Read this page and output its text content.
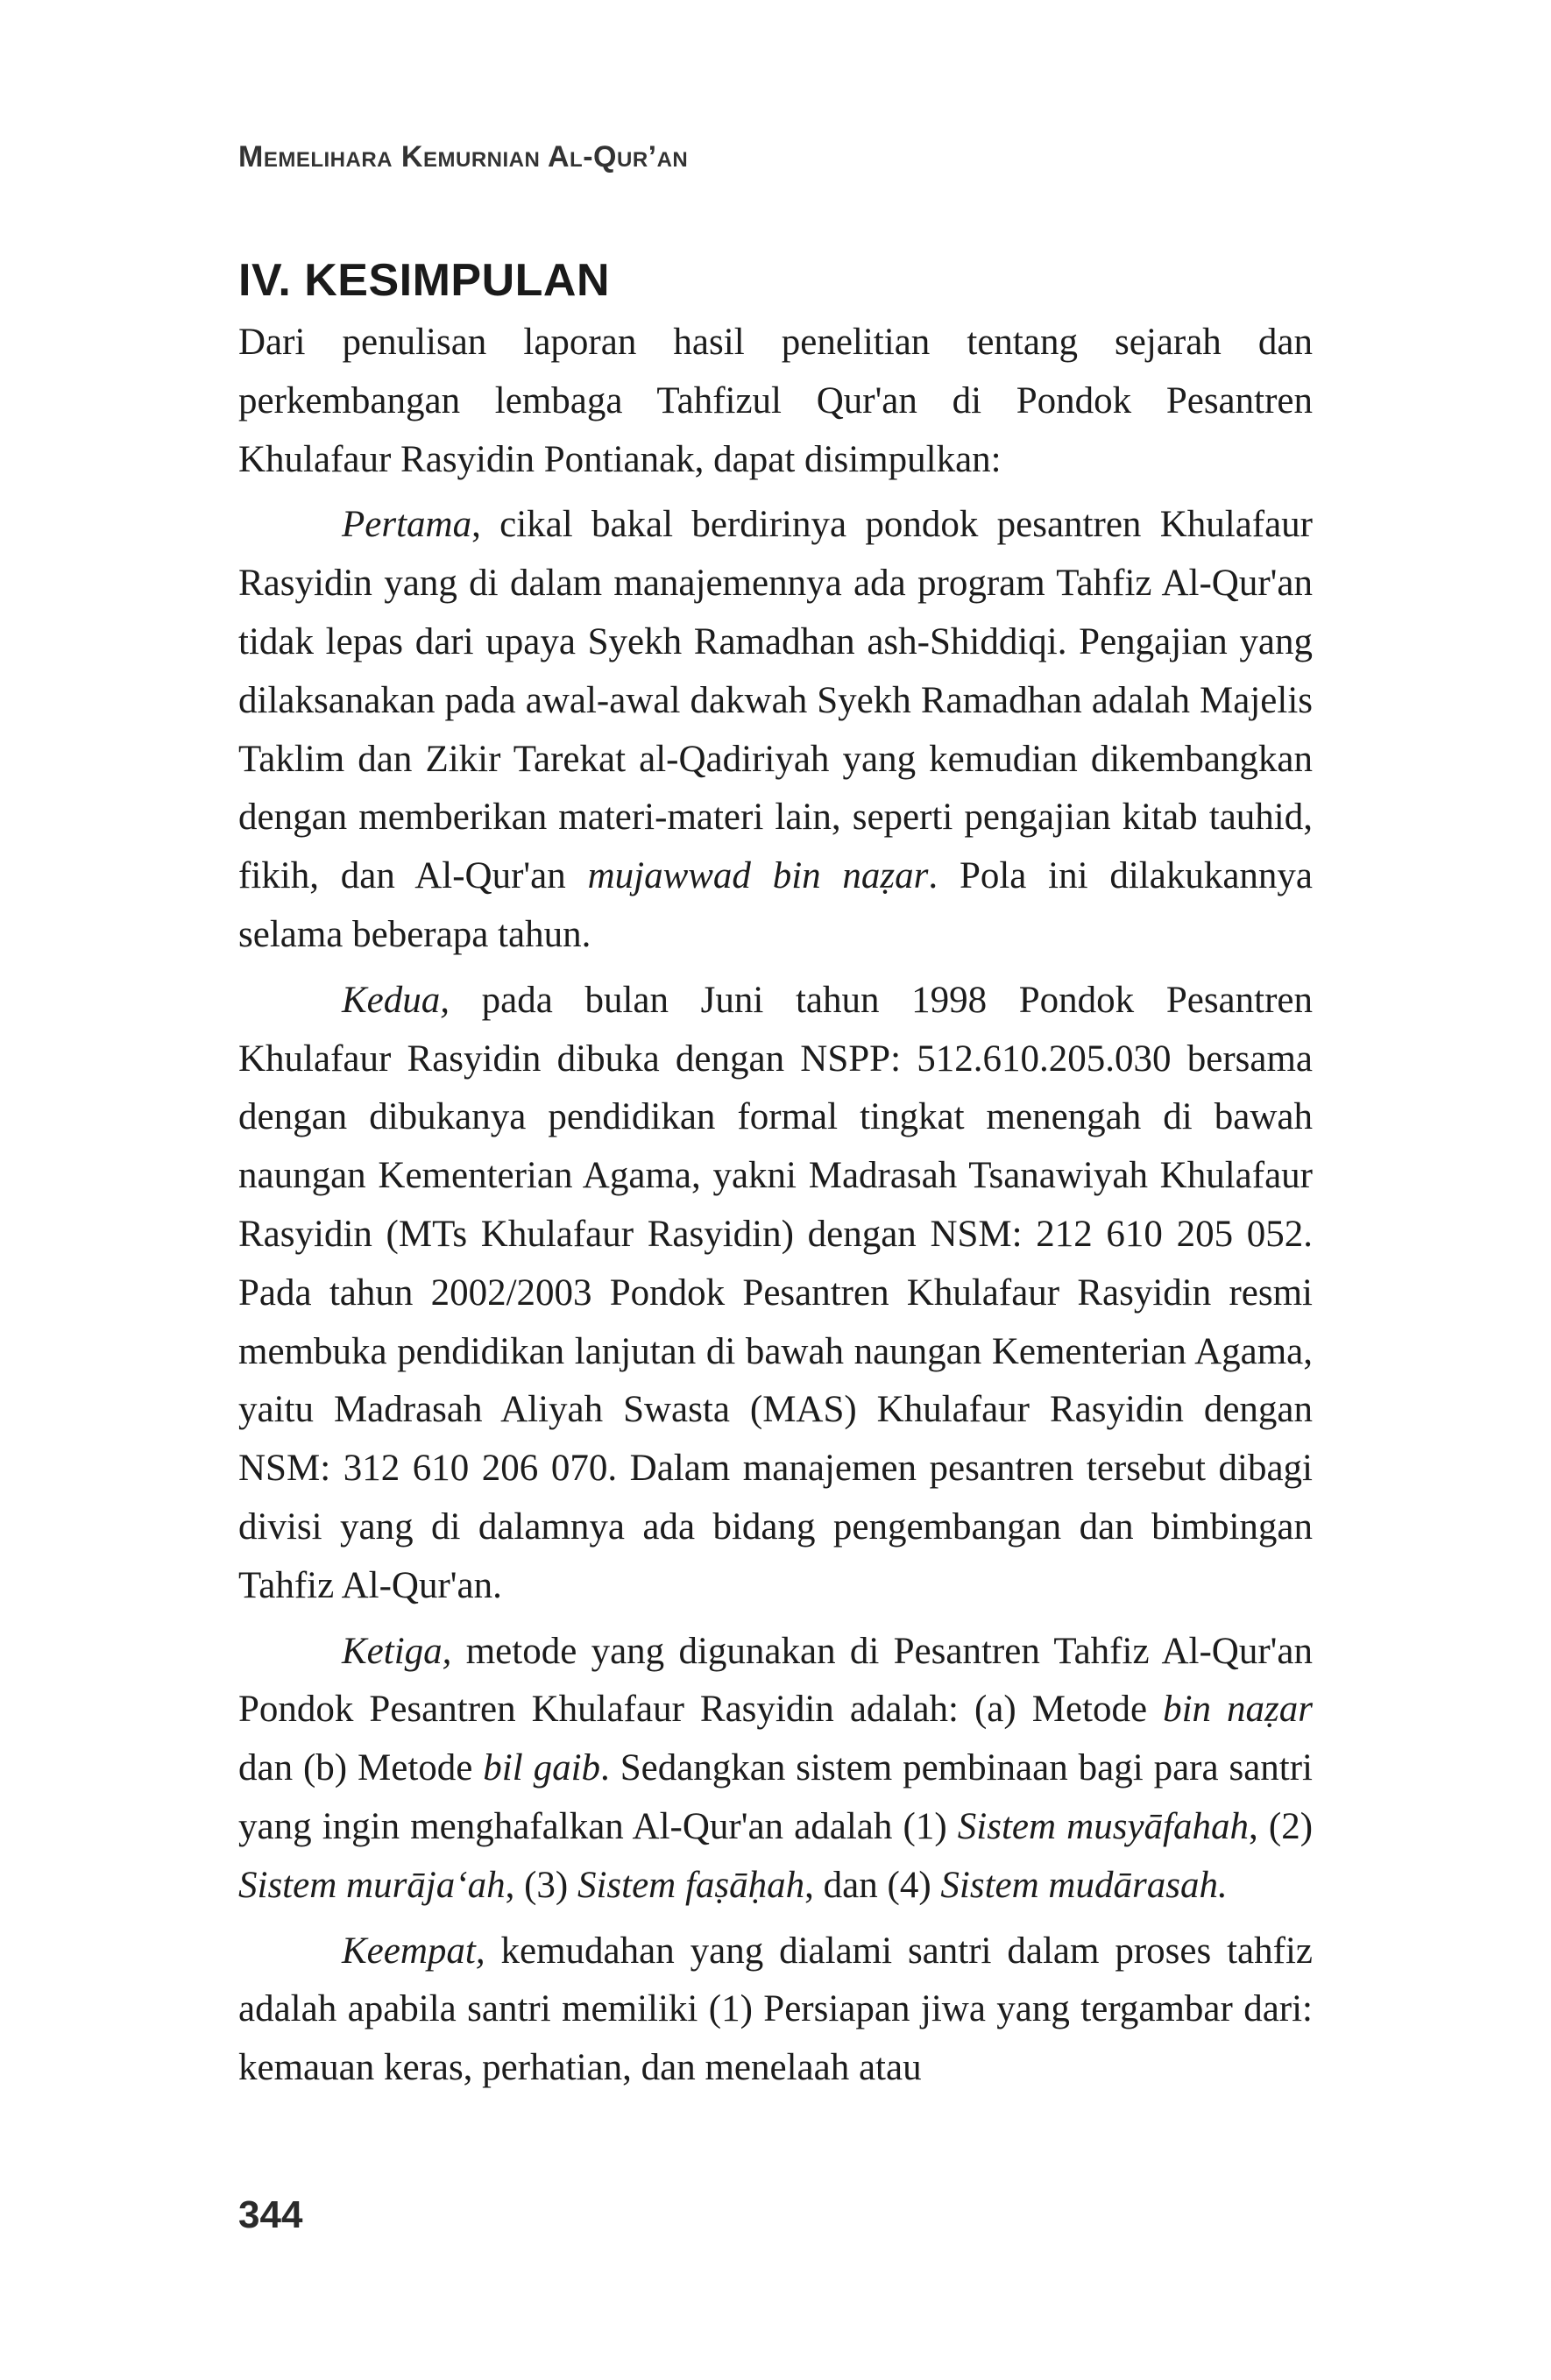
Memelihara Kemurnian Al-Qur’an
IV. KESIMPULAN

Dari penulisan laporan hasil penelitian tentang sejarah dan perkembangan lembaga Tahfizul Qur'an di Pondok Pesantren Khulafaur Rasyidin Pontianak, dapat disimpulkan:

Pertama, cikal bakal berdirinya pondok pesantren Khulafaur Rasyidin yang di dalam manajemennya ada program Tahfiz Al-Qur'an tidak lepas dari upaya Syekh Ramadhan ash-Shiddiqi. Pengajian yang dilaksanakan pada awal-awal dakwah Syekh Ramadhan adalah Majelis Taklim dan Zikir Tarekat al-Qadiriyah yang kemudian dikembangkan dengan memberikan materi-materi lain, seperti pengajian kitab tauhid, fikih, dan Al-Qur'an mujawwad bin naẓar. Pola ini dilakukannya selama beberapa tahun.

Kedua, pada bulan Juni tahun 1998 Pondok Pesantren Khulafaur Rasyidin dibuka dengan NSPP: 512.610.205.030 bersama dengan dibukanya pendidikan formal tingkat menengah di bawah naungan Kementerian Agama, yakni Madrasah Tsanawiyah Khulafaur Rasyidin (MTs Khulafaur Rasyidin) dengan NSM: 212 610 205 052. Pada tahun 2002/2003 Pondok Pesantren Khulafaur Rasyidin resmi membuka pendidikan lanjutan di bawah naungan Kementerian Agama, yaitu Madrasah Aliyah Swasta (MAS) Khulafaur Rasyidin dengan NSM: 312 610 206 070. Dalam manajemen pesantren tersebut dibagi divisi yang di dalamnya ada bidang pengembangan dan bimbingan Tahfiz Al-Qur'an.

Ketiga, metode yang digunakan di Pesantren Tahfiz Al-Qur'an Pondok Pesantren Khulafaur Rasyidin adalah: (a) Metode bin naẓar dan (b) Metode bil gaib. Sedangkan sistem pembinaan bagi para santri yang ingin menghafalkan Al-Qur'an adalah (1) Sistem musyāfahah, (2) Sistem murāja‘ah, (3) Sistem faṣāḥah, dan (4) Sistem mudārasah.

Keempat, kemudahan yang dialami santri dalam proses tahfiz adalah apabila santri memiliki (1) Persiapan jiwa yang tergambar dari: kemauan keras, perhatian, dan menelaah atau

344
